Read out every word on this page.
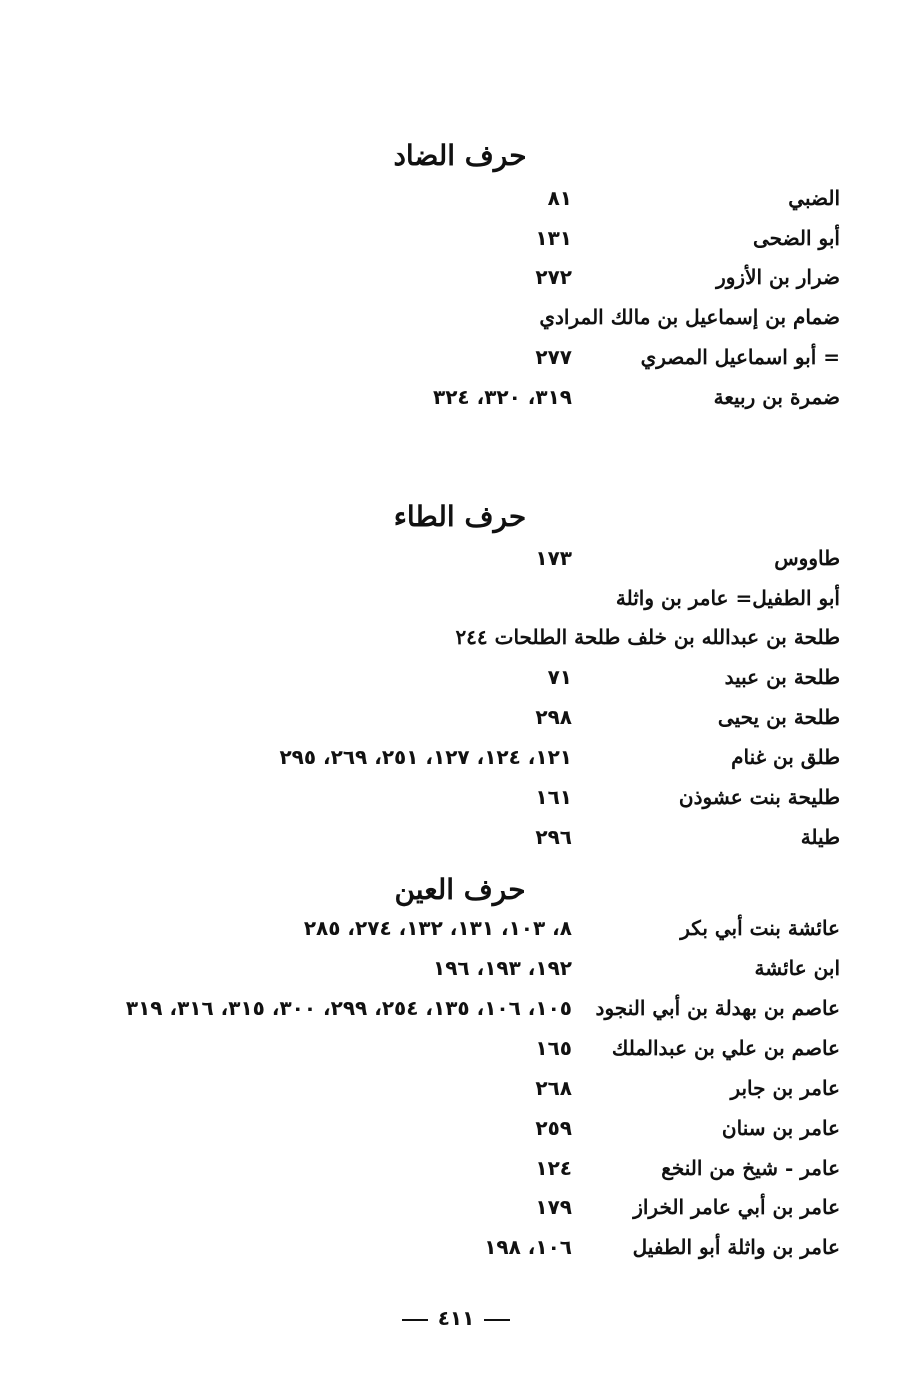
حرف الضاد
الضبي
٨١
أبو الضحى
١٣١
ضرار بن الأزور
٢٧٢
ضمام بن إسماعيل بن مالك المرادي
= أبو اسماعيل المصري
٢٧٧
ضمرة بن ربيعة
٣١٩، ٣٢٠، ٣٢٤
حرف الطاء
طاووس
١٧٣
أبو الطفيل= عامر بن واثلة
طلحة بن عبدالله بن خلف طلحة الطلحات ٢٤٤
طلحة بن عبيد
٧١
طلحة بن يحيى
٢٩٨
طلق بن غنام
١٢١، ١٢٤، ١٢٧، ٢٥١، ٢٦٩، ٢٩٥
طليحة بنت عشوذن
١٦١
طيلة
٢٩٦
حرف العين
عائشة بنت أبي بكر
٨، ١٠٣، ١٣١، ١٣٢، ٢٧٤، ٢٨٥
ابن عائشة
١٩٢، ١٩٣، ١٩٦
عاصم بن بهدلة بن أبي النجود
١٠٥، ١٠٦، ١٣٥، ٢٥٤، ٢٩٩، ٣٠٠، ٣١٥، ٣١٦، ٣١٩
عاصم بن علي بن عبدالملك
١٦٥
عامر بن جابر
٢٦٨
عامر بن سنان
٢٥٩
عامر - شيخ من النخع
١٢٤
عامر بن أبي عامر الخراز
١٧٩
عامر بن واثلة أبو الطفيل
١٠٦، ١٩٨
٤١١
